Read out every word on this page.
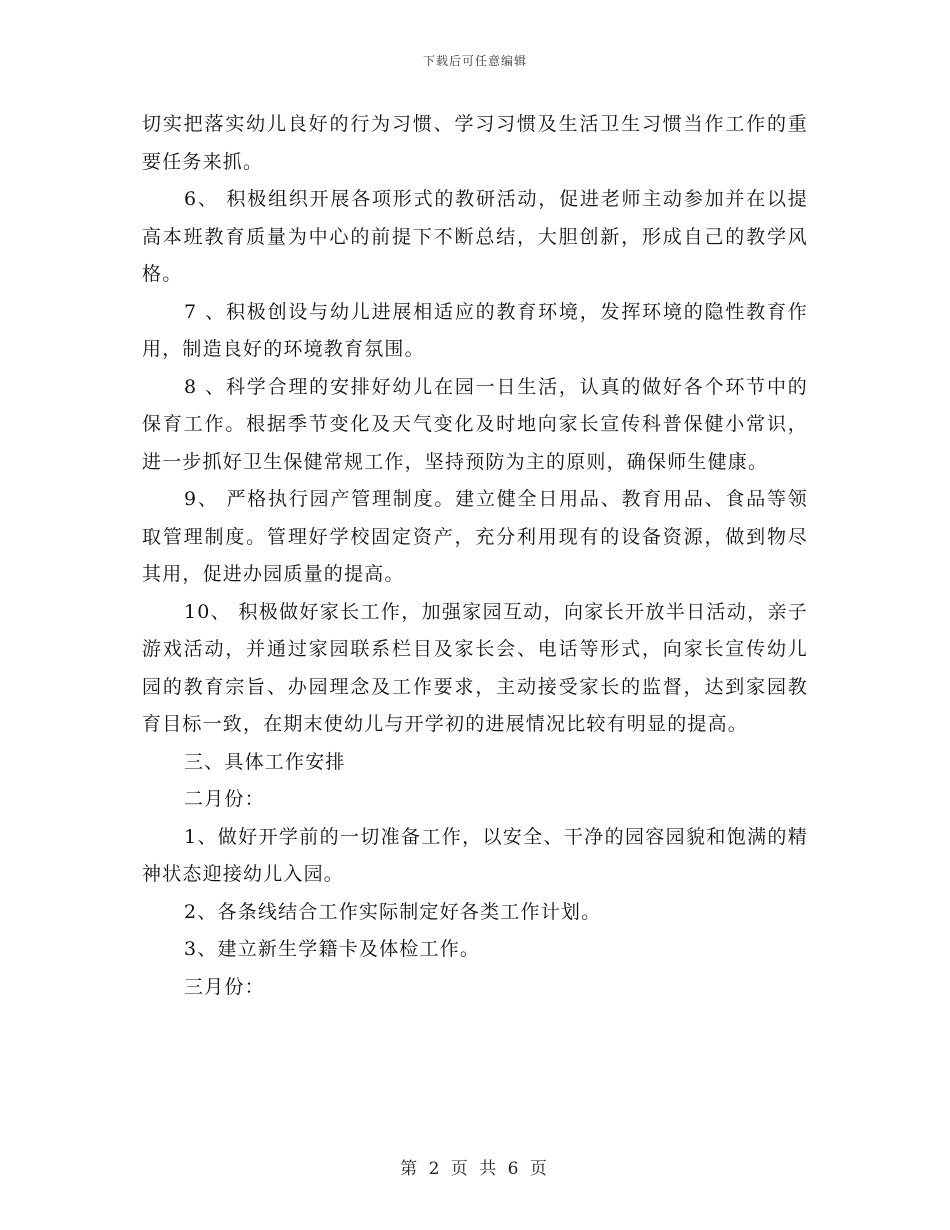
下载后可任意编辑

切实把落实幼儿良好的行为习惯、学习习惯及生活卫生习惯当作工作的重要任务来抓。

6、 积极组织开展各项形式的教研活动，促进老师主动参加并在以提高本班教育质量为中心的前提下不断总结，大胆创新，形成自己的教学风格。

7 、积极创设与幼儿进展相适应的教育环境，发挥环境的隐性教育作用，制造良好的环境教育氛围。

8 、科学合理的安排好幼儿在园一日生活，认真的做好各个环节中的保育工作。根据季节变化及天气变化及时地向家长宣传科普保健小常识，进一步抓好卫生保健常规工作，坚持预防为主的原则，确保师生健康。

9、 严格执行园产管理制度。建立健全日用品、教育用品、食品等领取管理制度。管理好学校固定资产，充分利用现有的设备资源，做到物尽其用，促进办园质量的提高。

10、 积极做好家长工作，加强家园互动，向家长开放半日活动，亲子游戏活动，并通过家园联系栏目及家长会、电话等形式，向家长宣传幼儿园的教育宗旨、办园理念及工作要求，主动接受家长的监督，达到家园教育目标一致，在期末使幼儿与开学初的进展情况比较有明显的提高。

三、具体工作安排

二月份：

1、做好开学前的一切准备工作，以安全、干净的园容园貌和饱满的精神状态迎接幼儿入园。

2、各条线结合工作实际制定好各类工作计划。

3、建立新生学籍卡及体检工作。

三月份：

第 2 页 共 6 页
